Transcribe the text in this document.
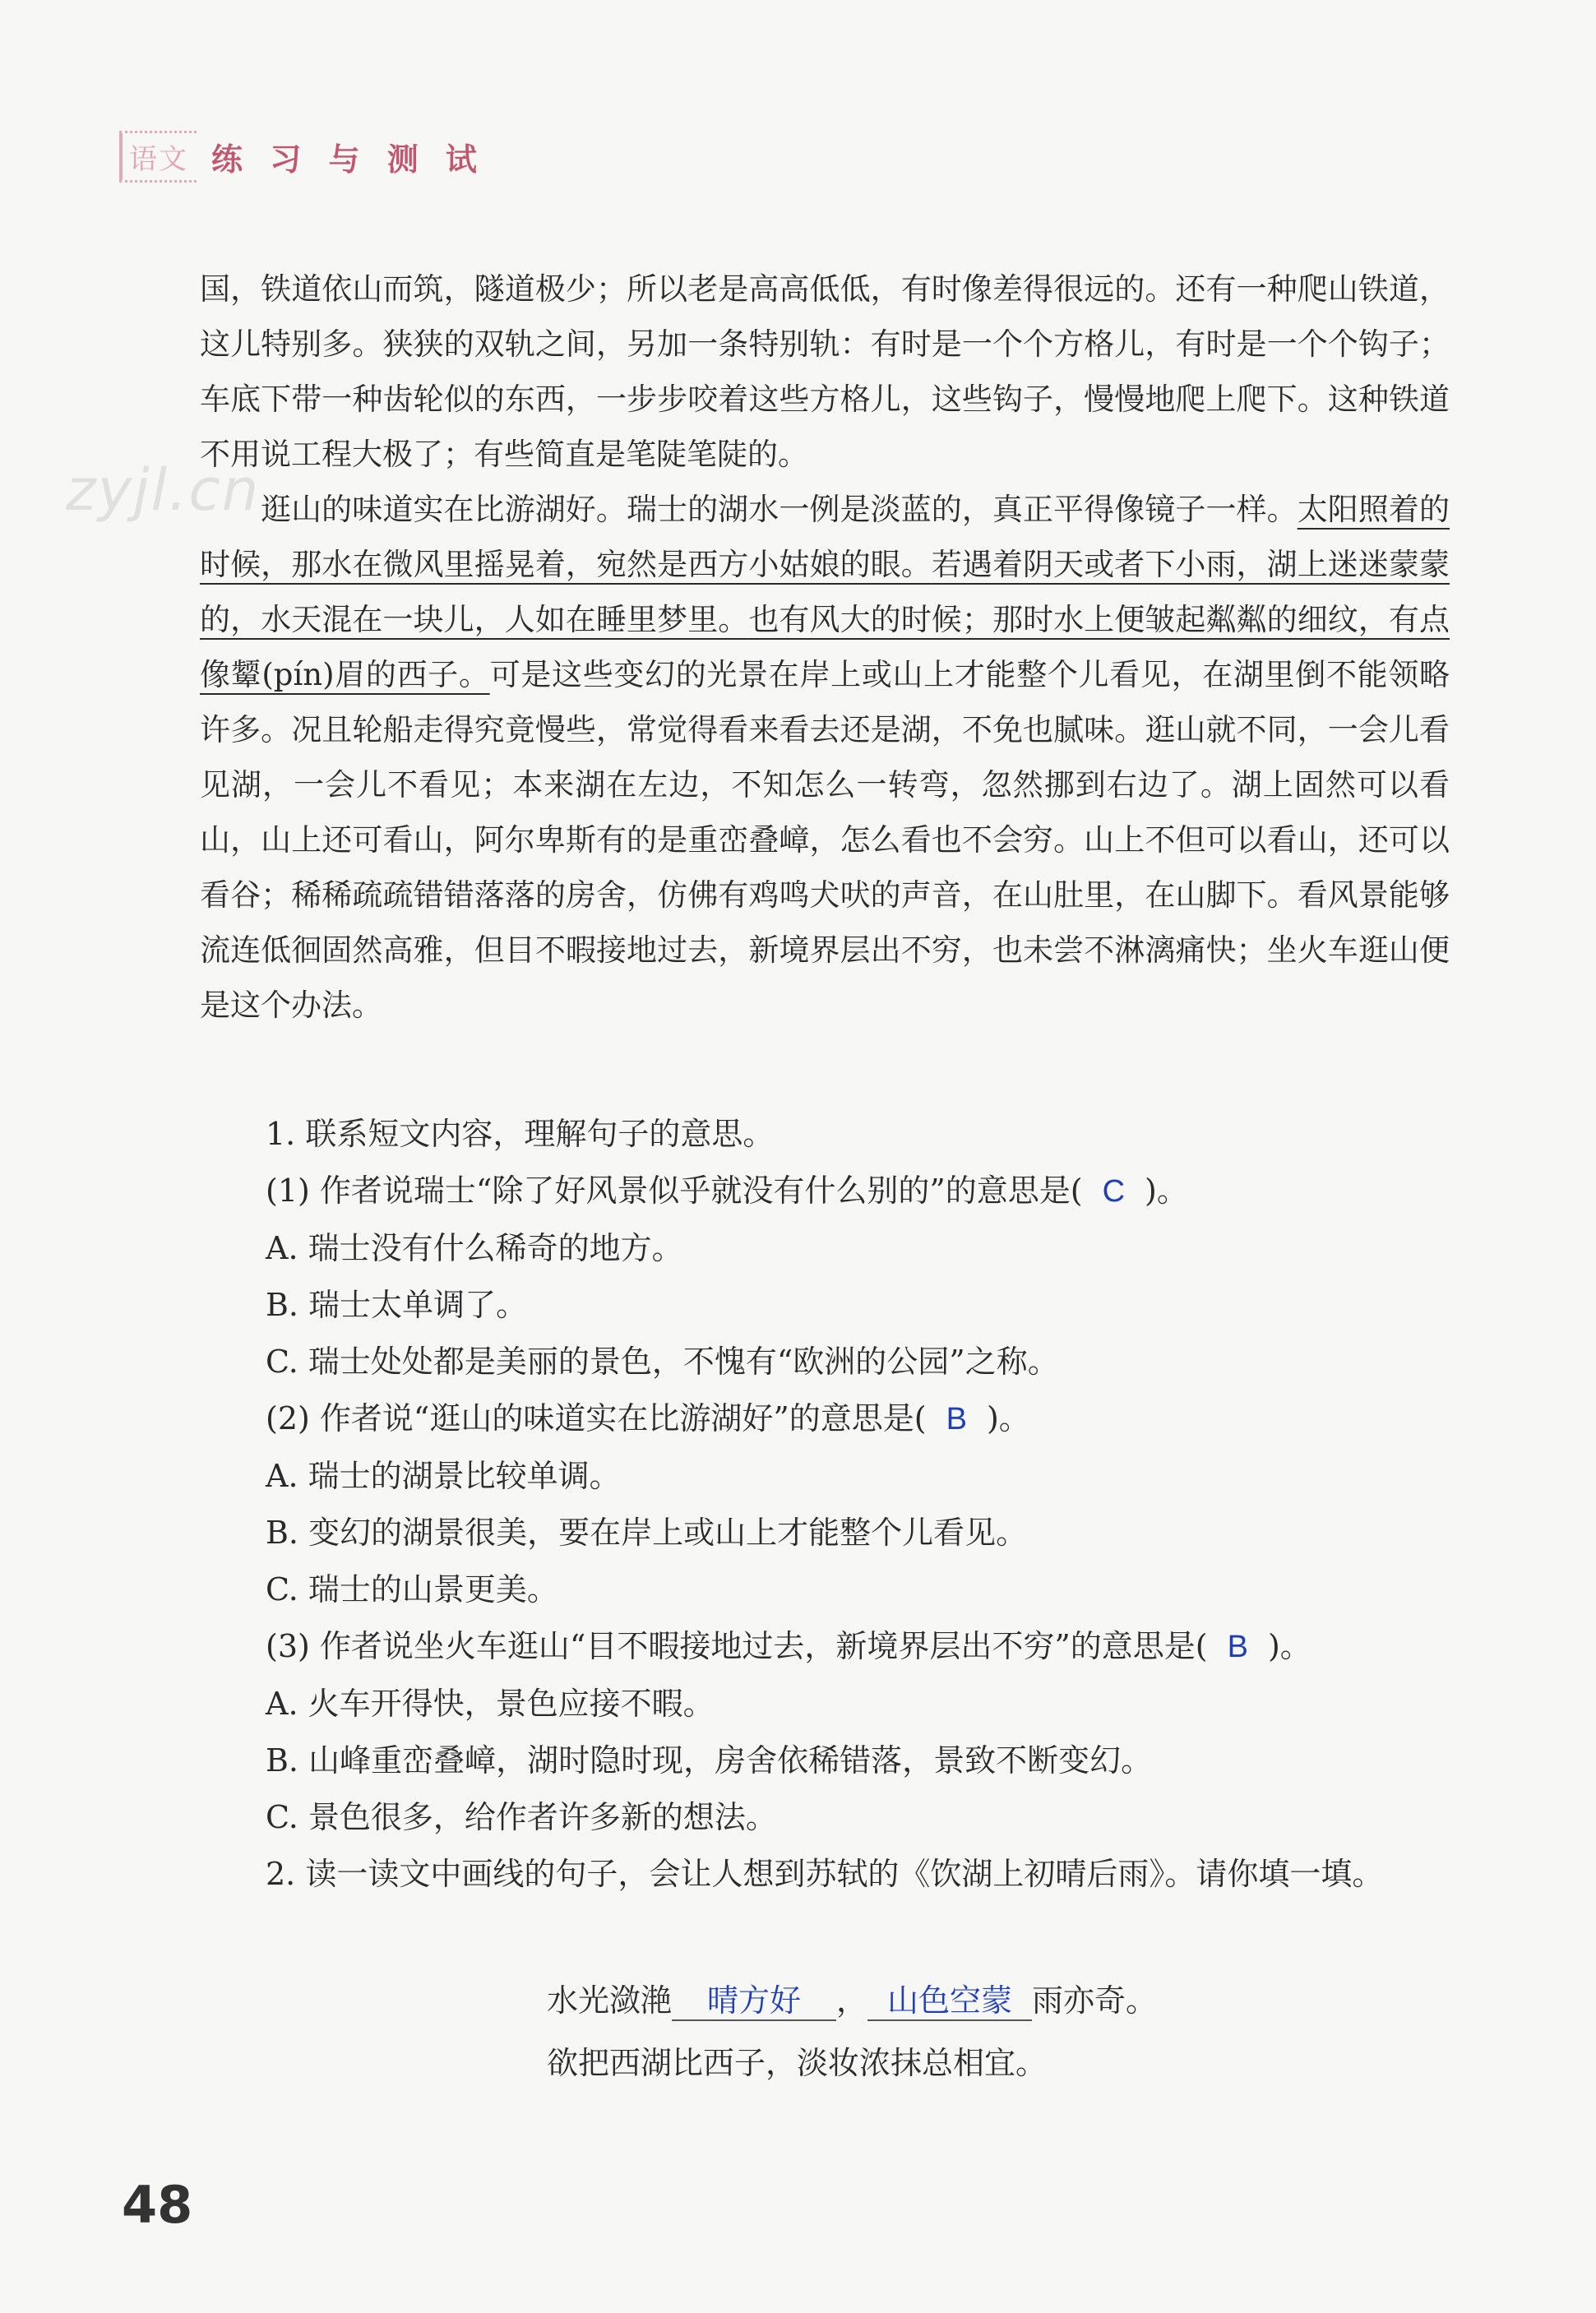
语文 练 习 与 测 试
zyjl.cn

国，铁道依山而筑，隧道极少；所以老是高高低低，有时像差得很远的。还有一种爬山铁道，这儿特别多。狭狭的双轨之间，另加一条特别轨：有时是一个个方格儿，有时是一个个钩子；车底下带一种齿轮似的东西，一步步咬着这些方格儿，这些钩子，慢慢地爬上爬下。这种铁道不用说工程大极了；有些简直是笔陡笔陡的。

逛山的味道实在比游湖好。瑞士的湖水一例是淡蓝的，真正平得像镜子一样。太阳照着的时候，那水在微风里摇晃着，宛然是西方小姑娘的眼。若遇着阴天或者下小雨，湖上迷迷蒙蒙的，水天混在一块儿，人如在睡里梦里。也有风大的时候；那时水上便皱起粼粼的细纹，有点像颦(pín)眉的西子。可是这些变幻的光景在岸上或山上才能整个儿看见，在湖里倒不能领略许多。况且轮船走得究竟慢些，常觉得看来看去还是湖，不免也腻味。逛山就不同，一会儿看见湖，一会儿不看见；本来湖在左边，不知怎么一转弯，忽然挪到右边了。湖上固然可以看山，山上还可看山，阿尔卑斯有的是重峦叠嶂，怎么看也不会穷。山上不但可以看山，还可以看谷；稀稀疏疏错错落落的房舍，仿佛有鸡鸣犬吠的声音，在山肚里，在山脚下。看风景能够流连低徊固然高雅，但目不暇接地过去，新境界层出不穷，也未尝不淋漓痛快；坐火车逛山便是这个办法。

1. 联系短文内容，理解句子的意思。
(1) 作者说瑞士“除了好风景似乎就没有什么别的”的意思是( C )。
A. 瑞士没有什么稀奇的地方。
B. 瑞士太单调了。
C. 瑞士处处都是美丽的景色，不愧有“欧洲的公园”之称。
(2) 作者说“逛山的味道实在比游湖好”的意思是( B )。
A. 瑞士的湖景比较单调。
B. 变幻的湖景很美，要在岸上或山上才能整个儿看见。
C. 瑞士的山景更美。
(3) 作者说坐火车逛山“目不暇接地过去，新境界层出不穷”的意思是( B )。
A. 火车开得快，景色应接不暇。
B. 山峰重峦叠嶂，湖时隐时现，房舍依稀错落，景致不断变幻。
C. 景色很多，给作者许多新的想法。
2. 读一读文中画线的句子，会让人想到苏轼的《饮湖上初晴后雨》。请你填一填。
水光潋滟 晴方好 ， 山色空蒙 雨亦奇。
欲把西湖比西子，淡妆浓抹总相宜。
48
